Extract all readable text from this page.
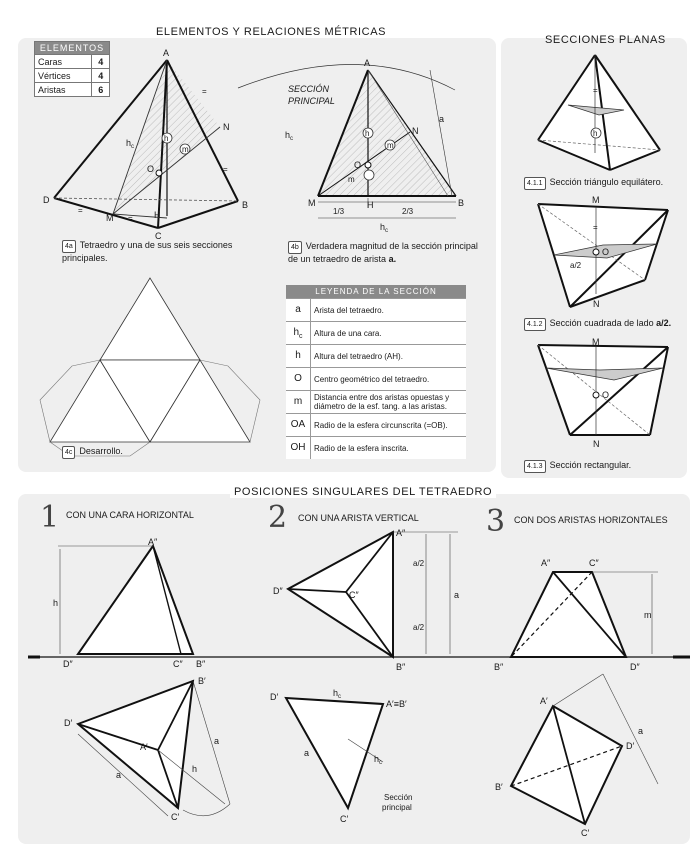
ELEMENTOS Y RELACIONES MÉTRICAS
SECCIONES PLANAS
POSICIONES SINGULARES DEL TETRAEDRO
ELEMENTOS	
Caras	4
Vértices	4
Aristas	6
A
D	B
C
M
N
H
O
h
m
$h_c$
=
=
=
=
4a Tetraedro y una de sus seis secciones principales.
SECCIÓN
PRINCIPAL
A
M	B
N
H
O
h
m
m
a
$h_c$
$h_c$
1/3	2/3
4b Verdadera magnitud de la sección principal de un tetraedro de arista a.
4c Desarrollo.
LEYENDA DE LA SECCIÓN	
a	Arista del tetraedro.
$h_c$	Altura de una cara.
h	Altura del tetraedro (AH).
O	Centro geométrico del tetraedro.
m	Distancia entre dos aristas opuestas y diámetro de la esf. tang. a las aristas.
OA	Radio de la esfera circunscrita (=OB).
OH	Radio de la esfera inscrita.
h
=
4.1.1 Sección triángulo equilátero.
M
N
O
a/2
=
4.1.2 Sección cuadrada de lado a/2.
M
N
O
4.1.3 Sección rectangular.
1 CON UNA CARA HORIZONTAL 2 CON UNA ARISTA VERTICAL 3 CON DOS ARISTAS HORIZONTALES
A″
D″	C″ B″
h
B′
D′
A′
C′
a
a
h
A″
D″	C″
B″
a/2
a/2
a
D′
A′≡B′
C′
a
$h_c$
$h_c$
Sección
principal
A″	C″
B″	D″
m
A′
D′
B′
C′
a
